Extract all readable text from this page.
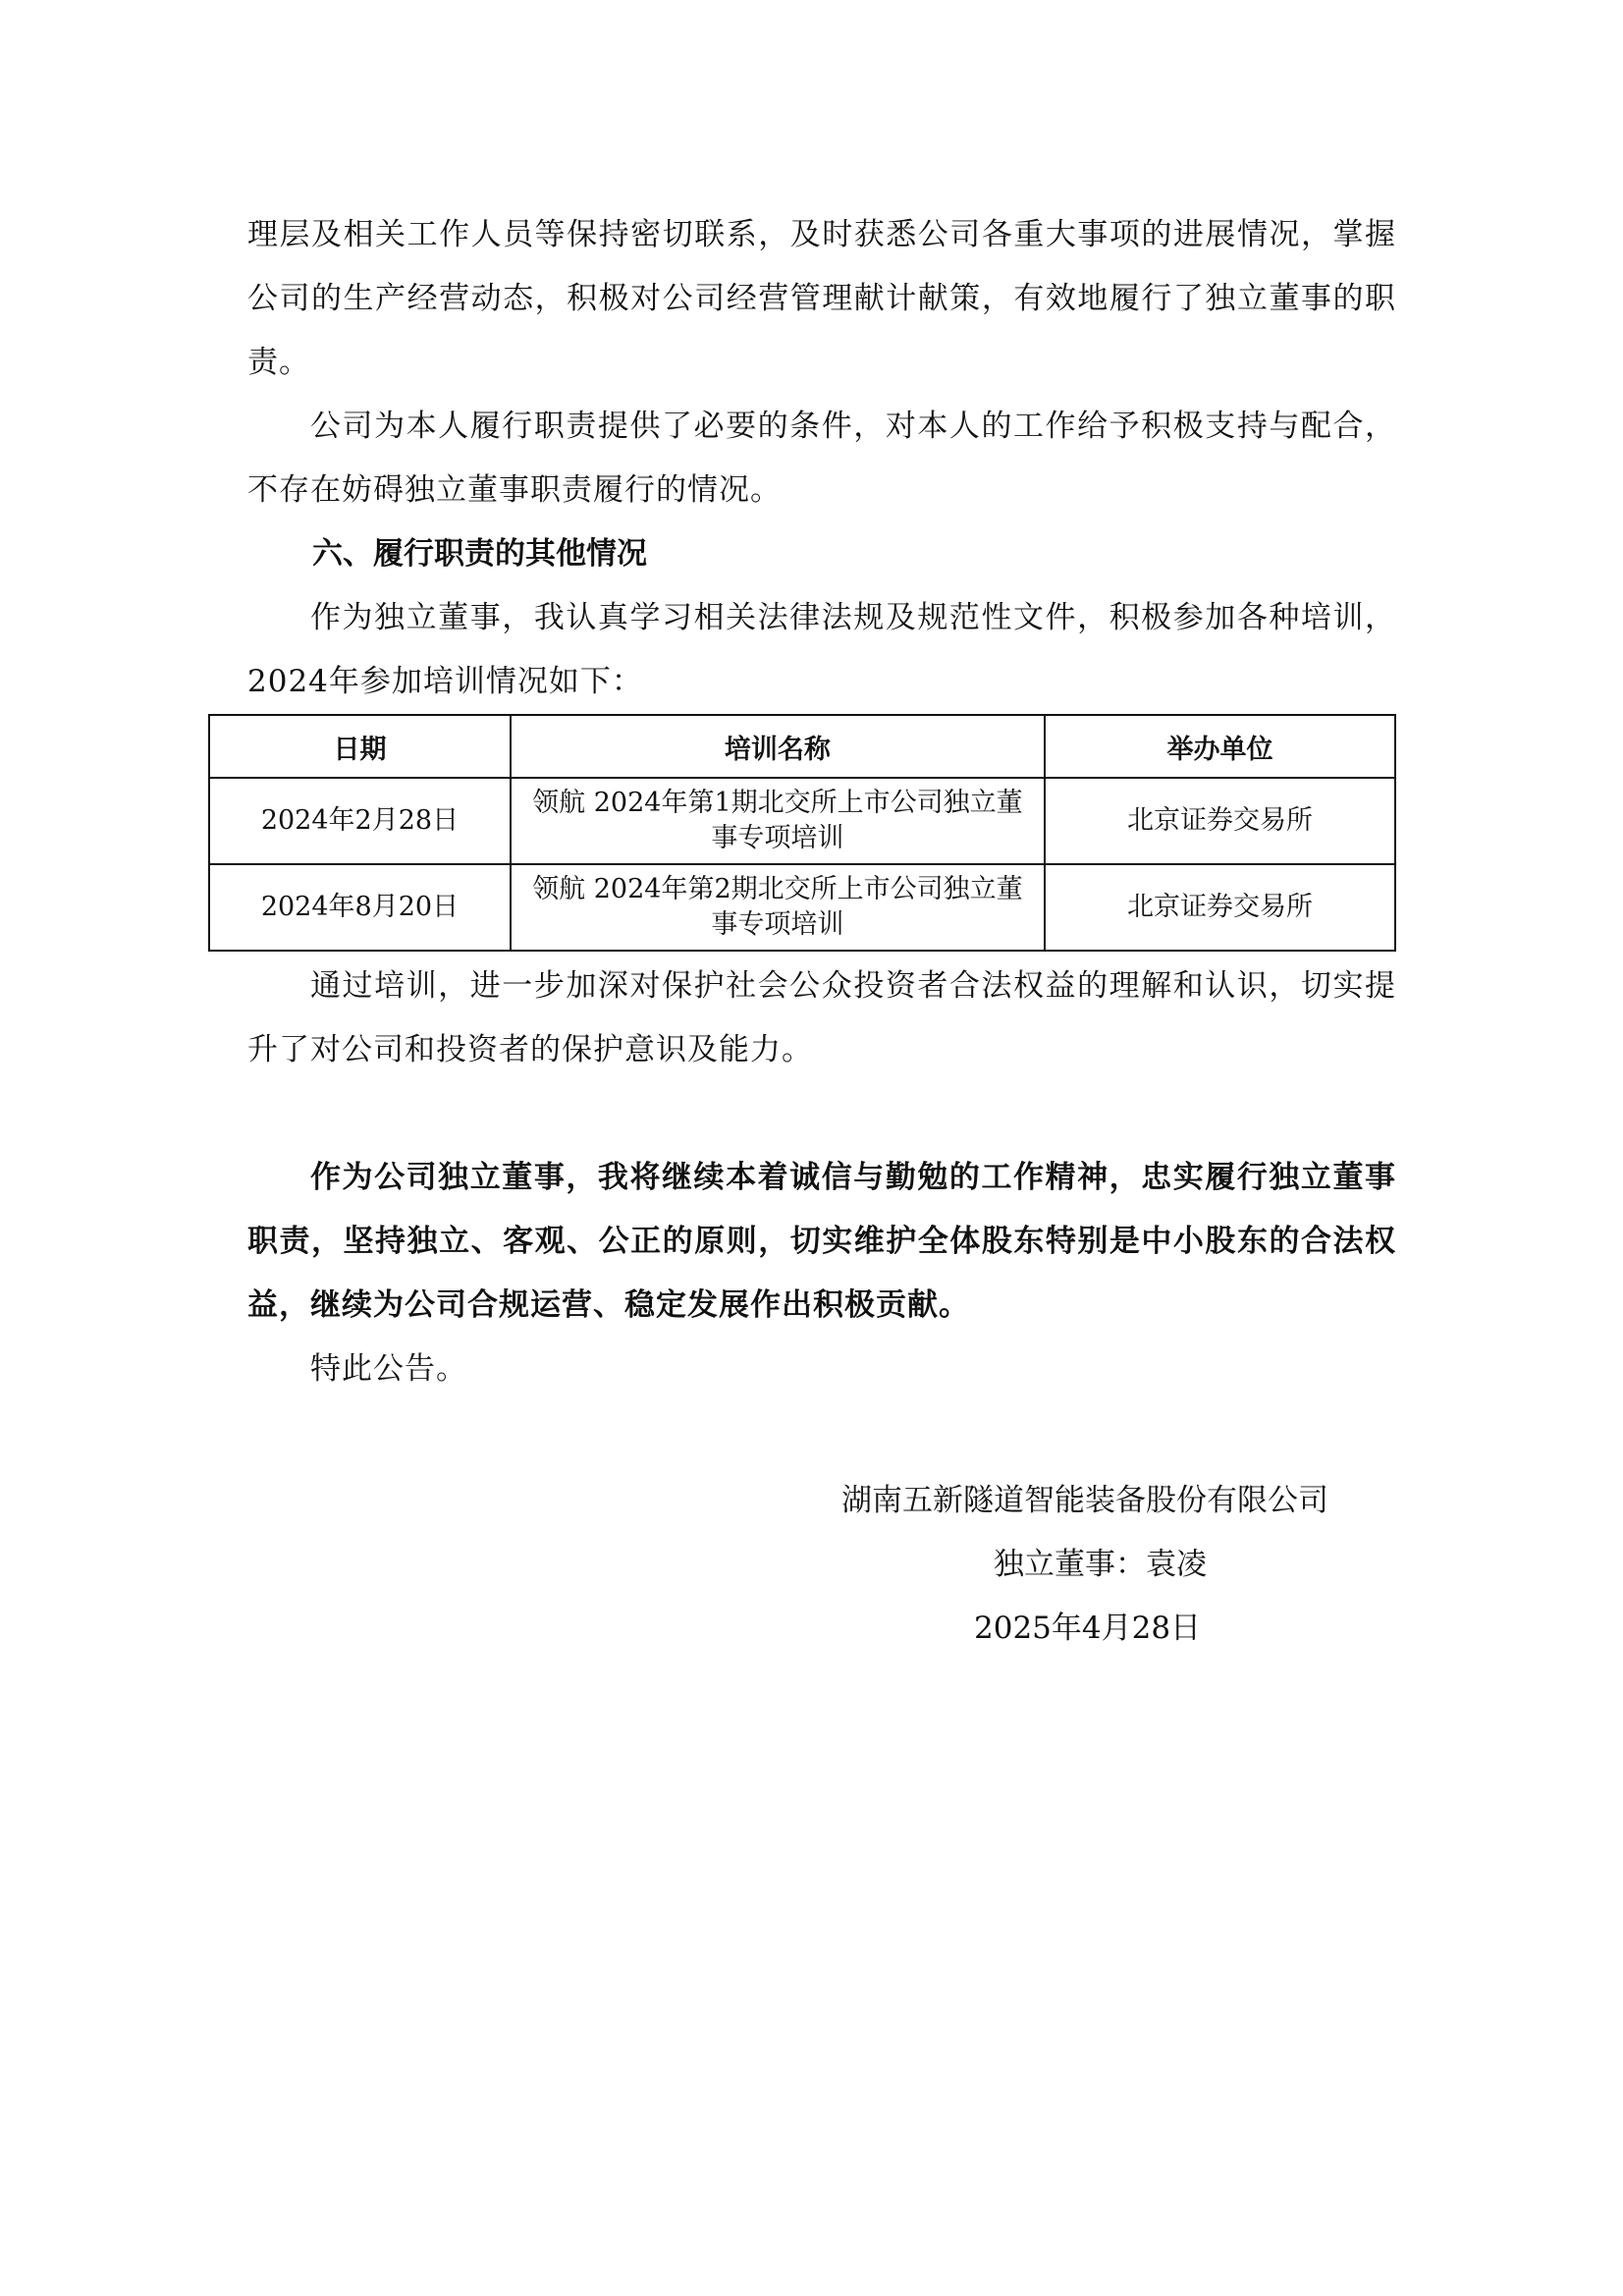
理层及相关工作人员等保持密切联系，及时获悉公司各重大事项的进展情况，掌握公司的生产经营动态，积极对公司经营管理献计献策，有效地履行了独立董事的职责。

公司为本人履行职责提供了必要的条件，对本人的工作给予积极支持与配合，不存在妨碍独立董事职责履行的情况。

六、履行职责的其他情况

作为独立董事，我认真学习相关法律法规及规范性文件，积极参加各种培训，2024年参加培训情况如下：

日期	培训名称	举办单位
2024年2月28日	领航 2024年第1期北交所上市公司独立董事专项培训	北京证券交易所
2024年8月20日	领航 2024年第2期北交所上市公司独立董事专项培训	北京证券交易所

通过培训，进一步加深对保护社会公众投资者合法权益的理解和认识，切实提升了对公司和投资者的保护意识及能力。

作为公司独立董事，我将继续本着诚信与勤勉的工作精神，忠实履行独立董事职责，坚持独立、客观、公正的原则，切实维护全体股东特别是中小股东的合法权益，继续为公司合规运营、稳定发展作出积极贡献。

特此公告。

湖南五新隧道智能装备股份有限公司

独立董事：袁凌

2025年4月28日
